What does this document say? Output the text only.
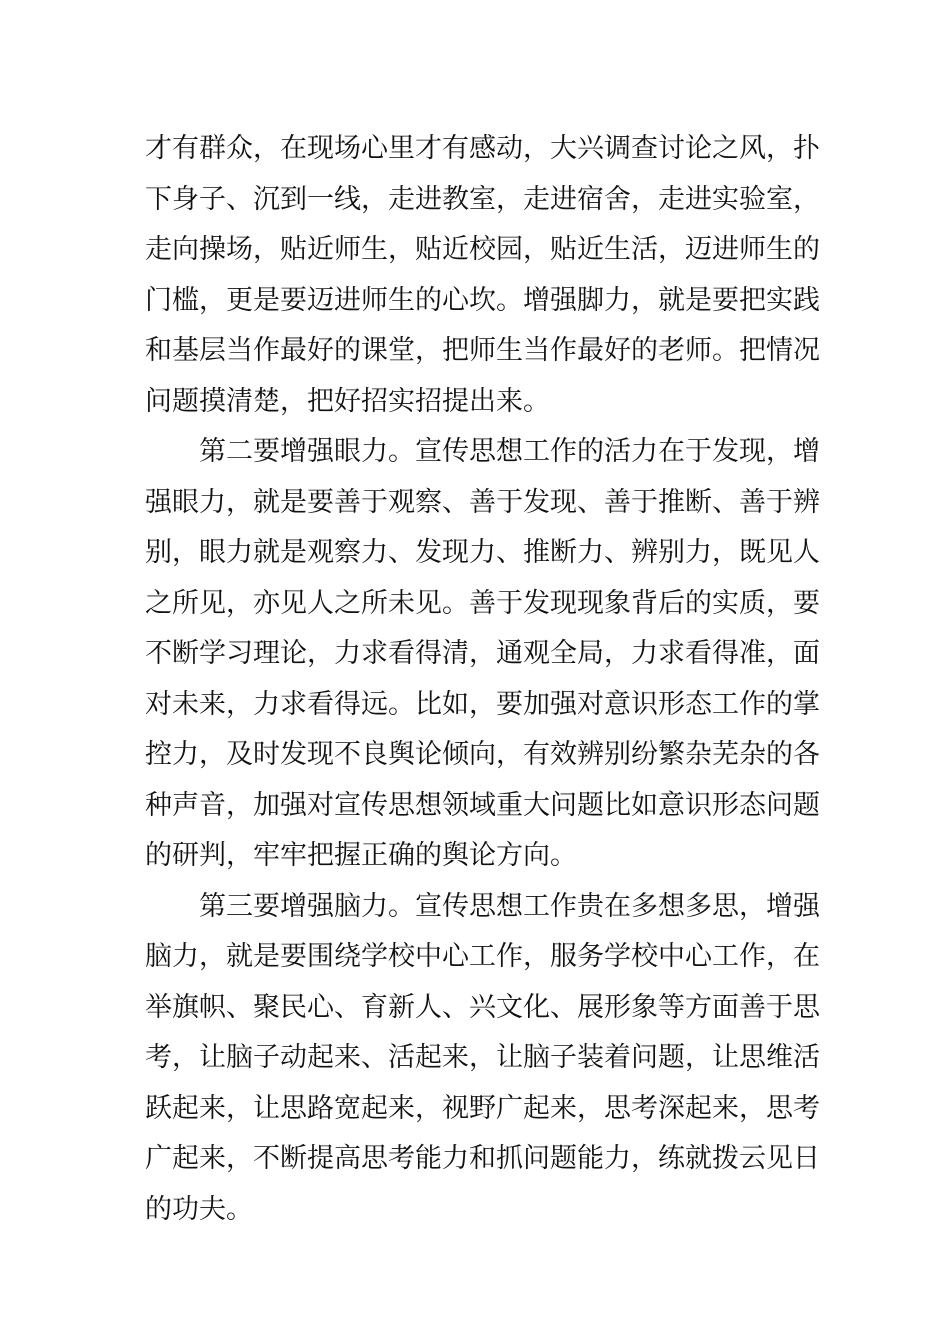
才有群众，在现场心里才有感动，大兴调查讨论之风，扑
下身子、沉到一线，走进教室，走进宿舍，走进实验室，
走向操场，贴近师生，贴近校园，贴近生活，迈进师生的
门槛，更是要迈进师生的心坎。增强脚力，就是要把实践
和基层当作最好的课堂，把师生当作最好的老师。把情况
问题摸清楚，把好招实招提出来。
第二要增强眼力。宣传思想工作的活力在于发现，增
强眼力，就是要善于观察、善于发现、善于推断、善于辨
别，眼力就是观察力、发现力、推断力、辨别力，既见人
之所见，亦见人之所未见。善于发现现象背后的实质，要
不断学习理论，力求看得清，通观全局，力求看得准，面
对未来，力求看得远。比如，要加强对意识形态工作的掌
控力，及时发现不良舆论倾向，有效辨别纷繁杂芜杂的各
种声音，加强对宣传思想领域重大问题比如意识形态问题
的研判，牢牢把握正确的舆论方向。
第三要增强脑力。宣传思想工作贵在多想多思，增强
脑力，就是要围绕学校中心工作，服务学校中心工作，在
举旗帜、聚民心、育新人、兴文化、展形象等方面善于思
考，让脑子动起来、活起来，让脑子装着问题，让思维活
跃起来，让思路宽起来，视野广起来，思考深起来，思考
广起来，不断提高思考能力和抓问题能力，练就拨云见日
的功夫。
